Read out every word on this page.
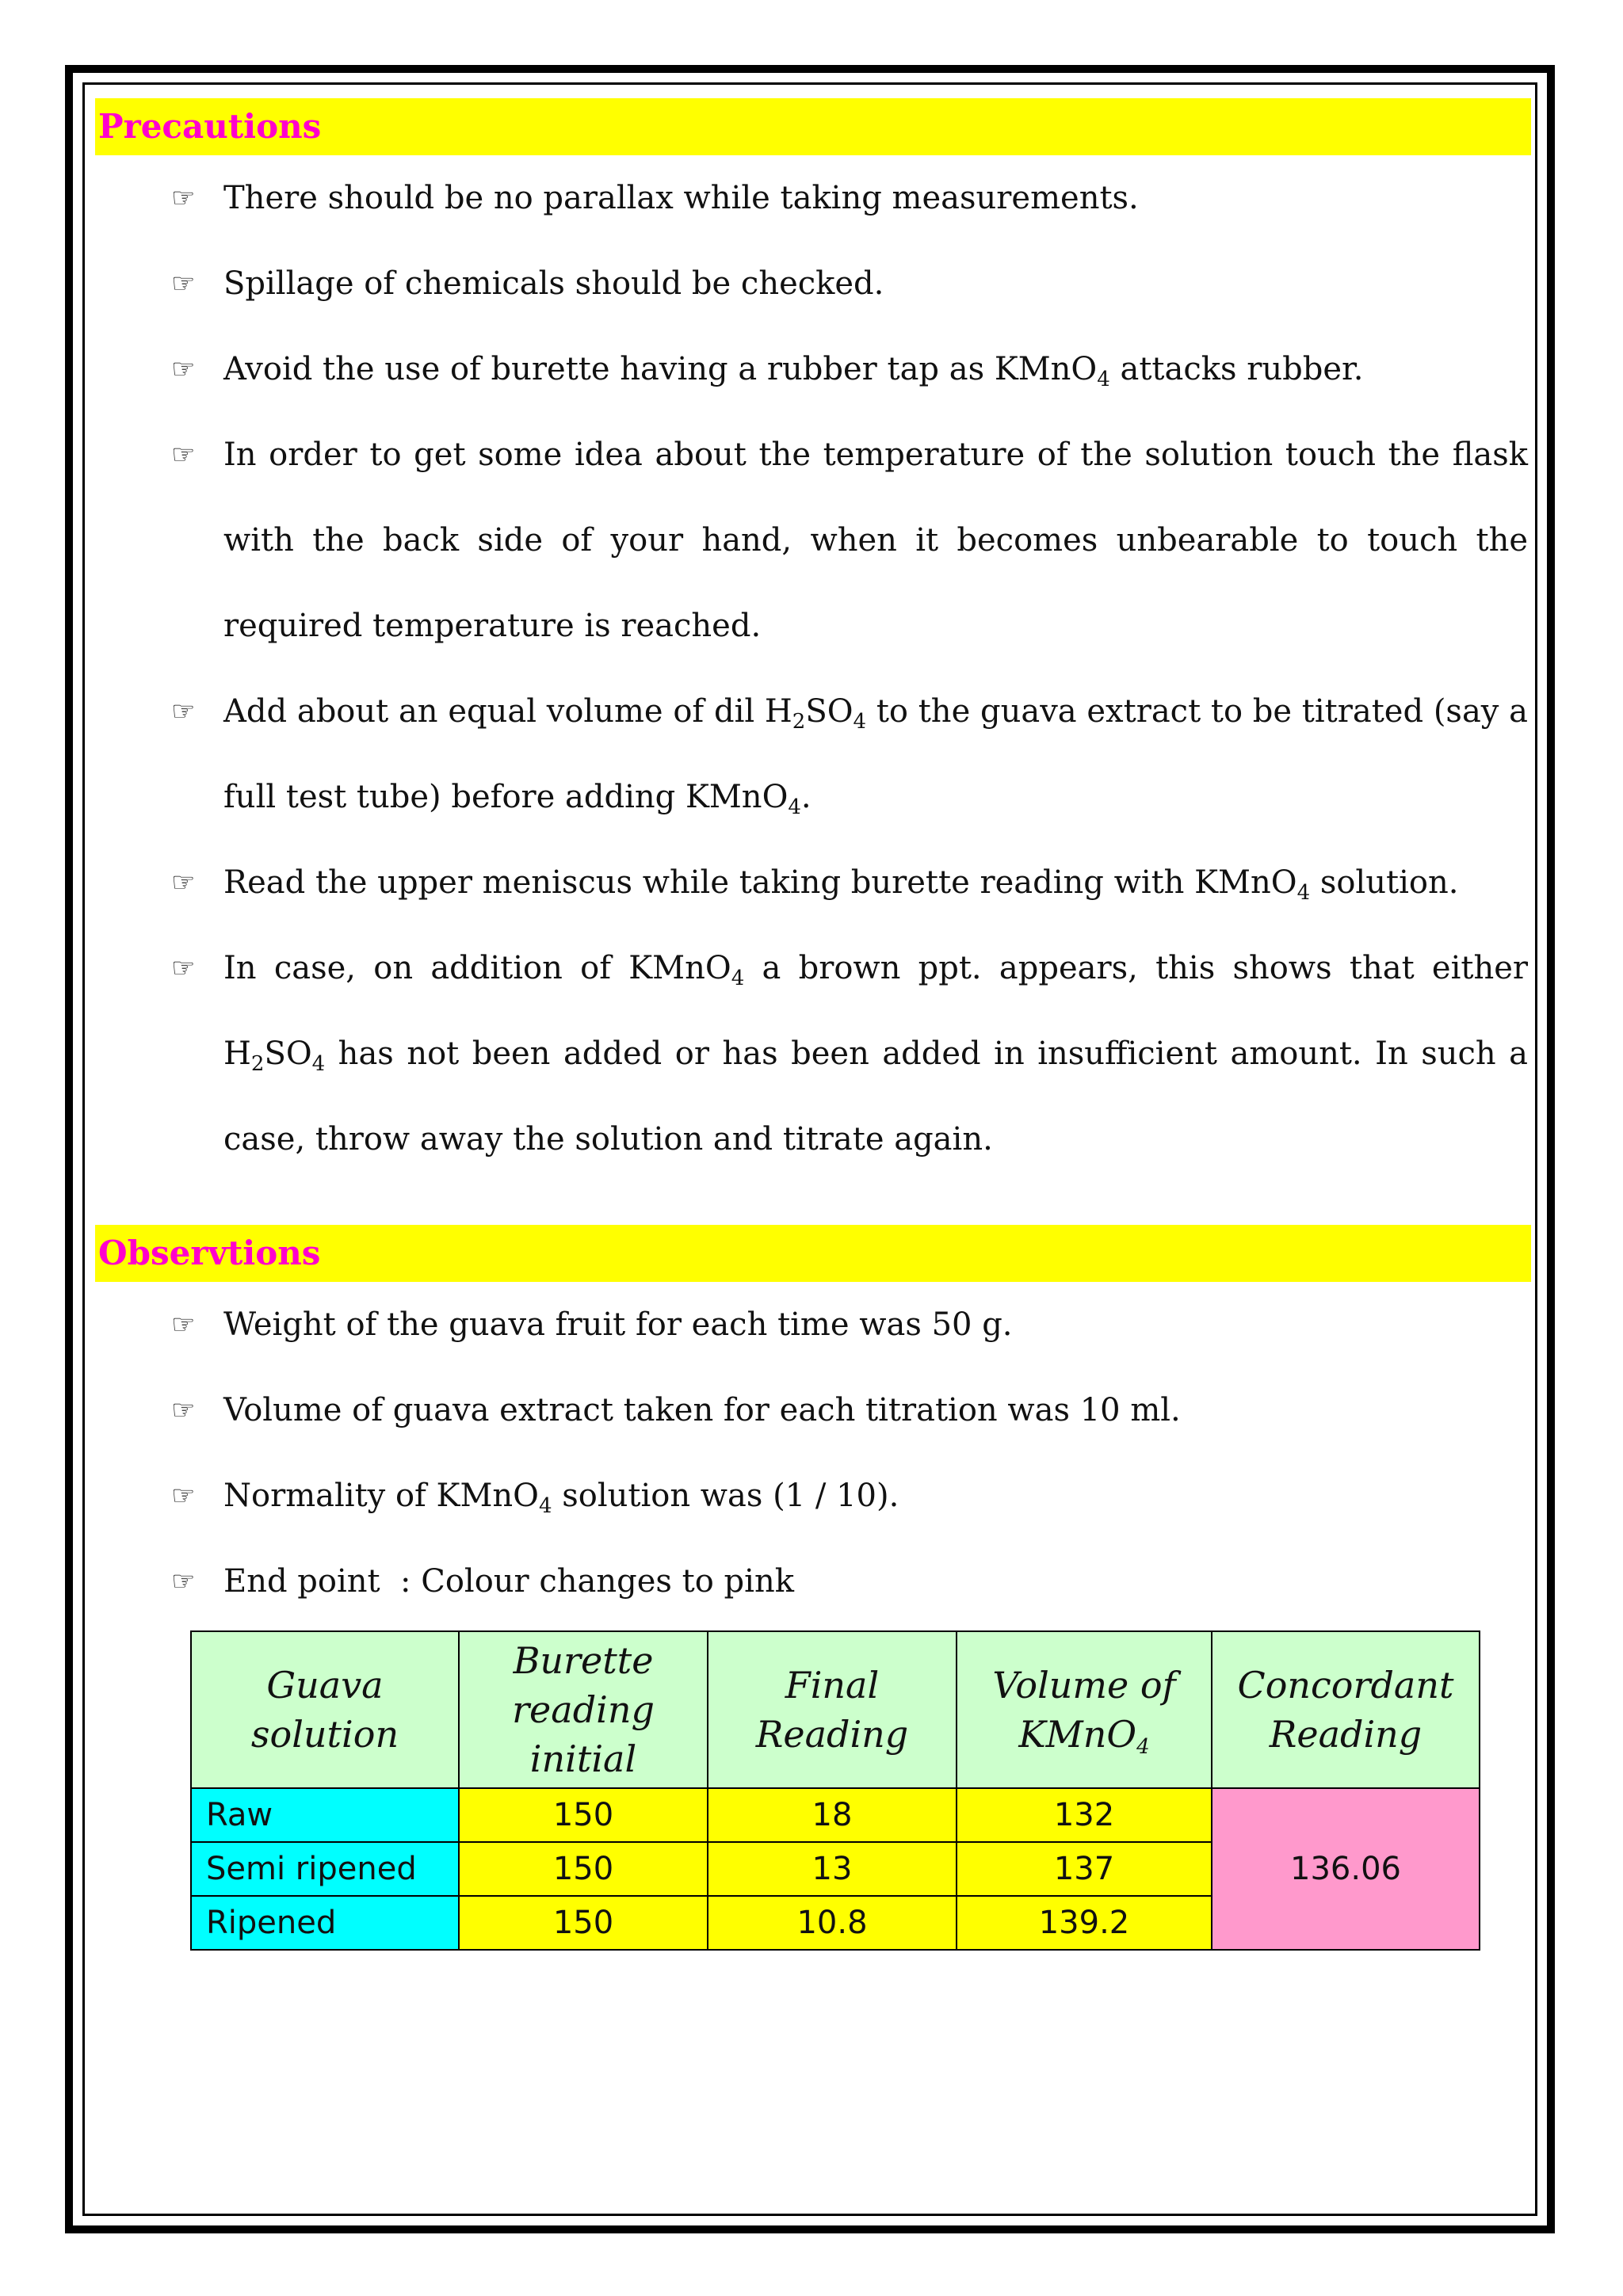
Precautions
☞ There should be no parallax while taking measurements.
☞ Spillage of chemicals should be checked.
☞ Avoid the use of burette having a rubber tap as KMnO$_4$ attacks rubber.
☞ In order to get some idea about the temperature of the solution touch the flask with the back side of your hand, when it becomes unbearable to touch the required temperature is reached.
☞ Add about an equal volume of dil $H_2SO_4$ to the guava extract to be titrated (say a full test tube) before adding KMnO$_4$.
☞ Read the upper meniscus while taking burette reading with KMnO$_4$ solution.
☞ In case, on addition of KMnO$_4$ a brown ppt. appears, this shows that either $H_2SO_4$ has not been added or has been added in insufficient amount. In such a case, throw away the solution and titrate again.
Observtions
☞ Weight of the guava fruit for each time was 50 g.
☞ Volume of guava extract taken for each titration was 10 ml.
☞ Normality of KMnO$_4$ solution was (1 / 10).
☞ End point  : Colour changes to pink
Guava solution	Burette reading initial	Final Reading	Volume of KMnO$_4$	Concordant Reading
Raw	150	18	132	136.06
Semi ripened	150	13	137	
Ripened	150	10.8	139.2	
